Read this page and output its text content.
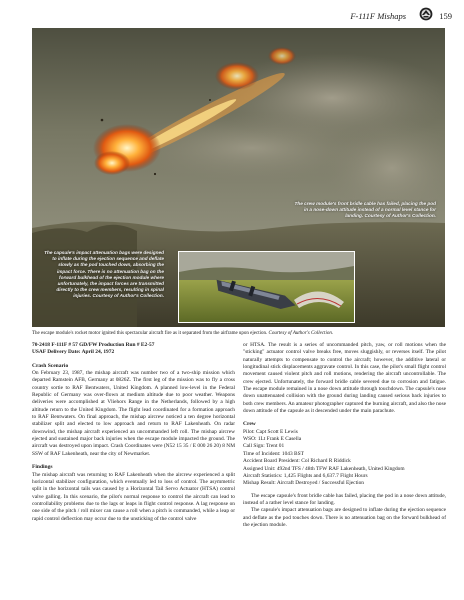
F-111F Mishaps	159
The crew module's front bridle cable has failed, placing the pod in a nose-down attitude instead of a normal level stance for landing. Courtesy of Author's Collection.
The capsule's impact attenuation bags were designed to inflate during the ejection sequence and deflate slowly as the pod touched down, absorbing the impact force. There is no attenuation bag on the forward bulkhead of the ejection module where unfortunately, the impact forces are transmitted directly to the crew members, resulting in spinal injuries. Courtesy of Author's Collection.
The escape module's rocket motor ignited this spectacular aircraft fire as it separated from the airframe upon ejection. Courtesy of Author's Collection.

70-2418 F-111F # 57 GD/FW Production Run # E2-57

USAF Delivery Date: April 24, 1972

Crash Scenario

On February 23, 1987, the mishap aircraft was number two of a two-ship mission which departed Ramstein AFB, Germany at 0826Z. The first leg of the mission was to fly a cross country sortie to RAF Bentwaters, United Kingdom. A planned low-level in the Federal Republic of Germany was over-flown at medium altitude due to poor weather. Weapons deliveries were accomplished at Vliehors Range in the Netherlands, followed by a high altitude return to the United Kingdom. The flight lead coordinated for a formation approach to RAF Bentwaters. On final approach, the mishap aircrew noticed a ten degree horizontal stabilizer split and elected to low approach and return to RAF Lakenheath. On radar downwind, the mishap aircraft experienced an uncommanded left roll. The mishap aircrew ejected and sustained major back injuries when the escape module impacted the ground. The aircraft was destroyed upon impact. Crash Coordinates were (N52 15 35 / E 000 26 20) 8 NM SSW of RAF Lakenheath, near the city of Newmarket.

Findings

The mishap aircraft was returning to RAF Lakenheath when the aircrew experienced a split horizontal stabilizer configuration, which eventually led to loss of control. The asymmetric split in the horizontal tails was caused by a Horizontal Tail Servo Actuator (HTSA) control valve galling. In this scenario, the pilot's normal response to control the aircraft can lead to controllability problems due to the lags or leaps in flight control response. A lag response on one side of the pitch / roll mixer can cause a roll when a pitch is commanded, while a leap or rapid control deflection may occur due to the unsticking of the control valve

or HTSA. The result is a series of uncommanded pitch, yaw, or roll motions when the "sticking" actuator control valve breaks free, moves sluggishly, or reverses itself. The pilot naturally attempts to compensate to control the aircraft; however, the additive lateral or longitudinal stick displacements aggravate control. In this case, the pilot's small flight control movement caused violent pitch and roll motions, rendering the aircraft uncontrollable. The crew ejected. Unfortunately, the forward bridle cable severed due to corrosion and fatigue. The escape module remained in a nose down attitude through touchdown. The capsule's nose down unattenuated collision with the ground during landing caused serious back injuries to both crew members. An amateur photographer captured the burning aircraft, and also the nose down attitude of the capsule as it descended under the main parachute.

Crew

Pilot: Capt Scott E Lewis

WSO: 1Lt Frank E Casella

Call Sign: Trent 01

Time of Incident: 1043 BST

Accident Board President: Col Richard R Riddick

Assigned Unit: 492nd TFS / 48th TFW RAF Lakenheath, United Kingdom

Aircraft Statistics: 1,425 Flights and 6,637.7 Flight Hours

Mishap Result: Aircraft Destroyed / Successful Ejection

The escape capsule's front bridle cable has failed, placing the pod in a nose down attitude, instead of a rather level stance for landing.

The capsule's impact attenuation bags are designed to inflate during the ejection sequence and deflate as the pod touches down. There is no attenuation bag on the forward bulkhead of the ejection module.
